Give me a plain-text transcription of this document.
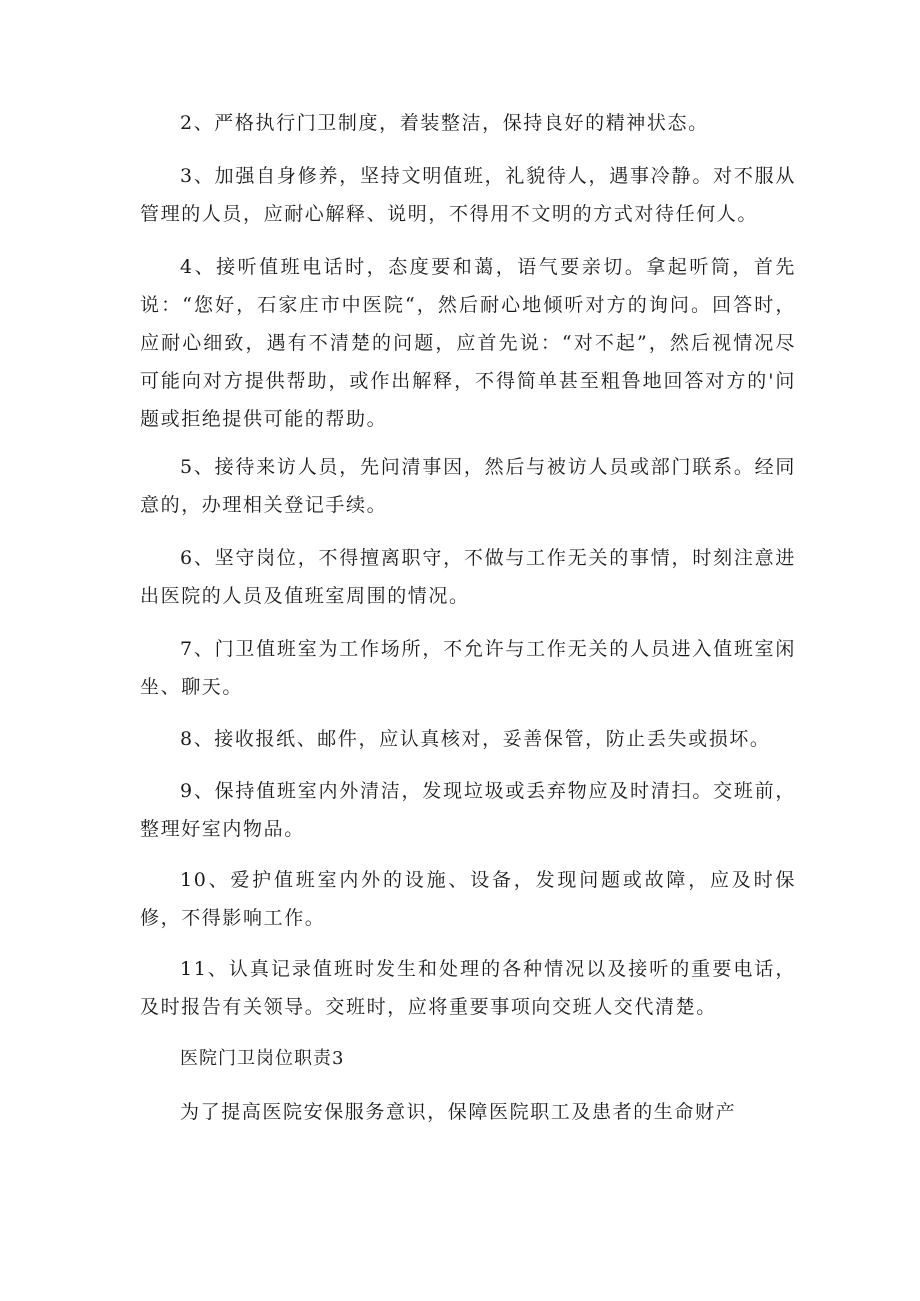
2、严格执行门卫制度，着装整洁，保持良好的精神状态。

3、加强自身修养，坚持文明值班，礼貌待人，遇事冷静。对不服从管理的人员，应耐心解释、说明，不得用不文明的方式对待任何人。

4、接听值班电话时，态度要和蔼，语气要亲切。拿起听筒，首先说：“您好，石家庄市中医院“，然后耐心地倾听对方的询问。回答时，应耐心细致，遇有不清楚的问题，应首先说：“对不起”，然后视情况尽可能向对方提供帮助，或作出解释，不得简单甚至粗鲁地回答对方的'问题或拒绝提供可能的帮助。

5、接待来访人员，先问清事因，然后与被访人员或部门联系。经同意的，办理相关登记手续。

6、坚守岗位，不得擅离职守，不做与工作无关的事情，时刻注意进出医院的人员及值班室周围的情况。

7、门卫值班室为工作场所，不允许与工作无关的人员进入值班室闲坐、聊天。

8、接收报纸、邮件，应认真核对，妥善保管，防止丢失或损坏。

9、保持值班室内外清洁，发现垃圾或丢弃物应及时清扫。交班前，整理好室内物品。

10、爱护值班室内外的设施、设备，发现问题或故障，应及时保修，不得影响工作。

11、认真记录值班时发生和处理的各种情况以及接听的重要电话，及时报告有关领导。交班时，应将重要事项向交班人交代清楚。

医院门卫岗位职责3

为了提高医院安保服务意识，保障医院职工及患者的生命财产
